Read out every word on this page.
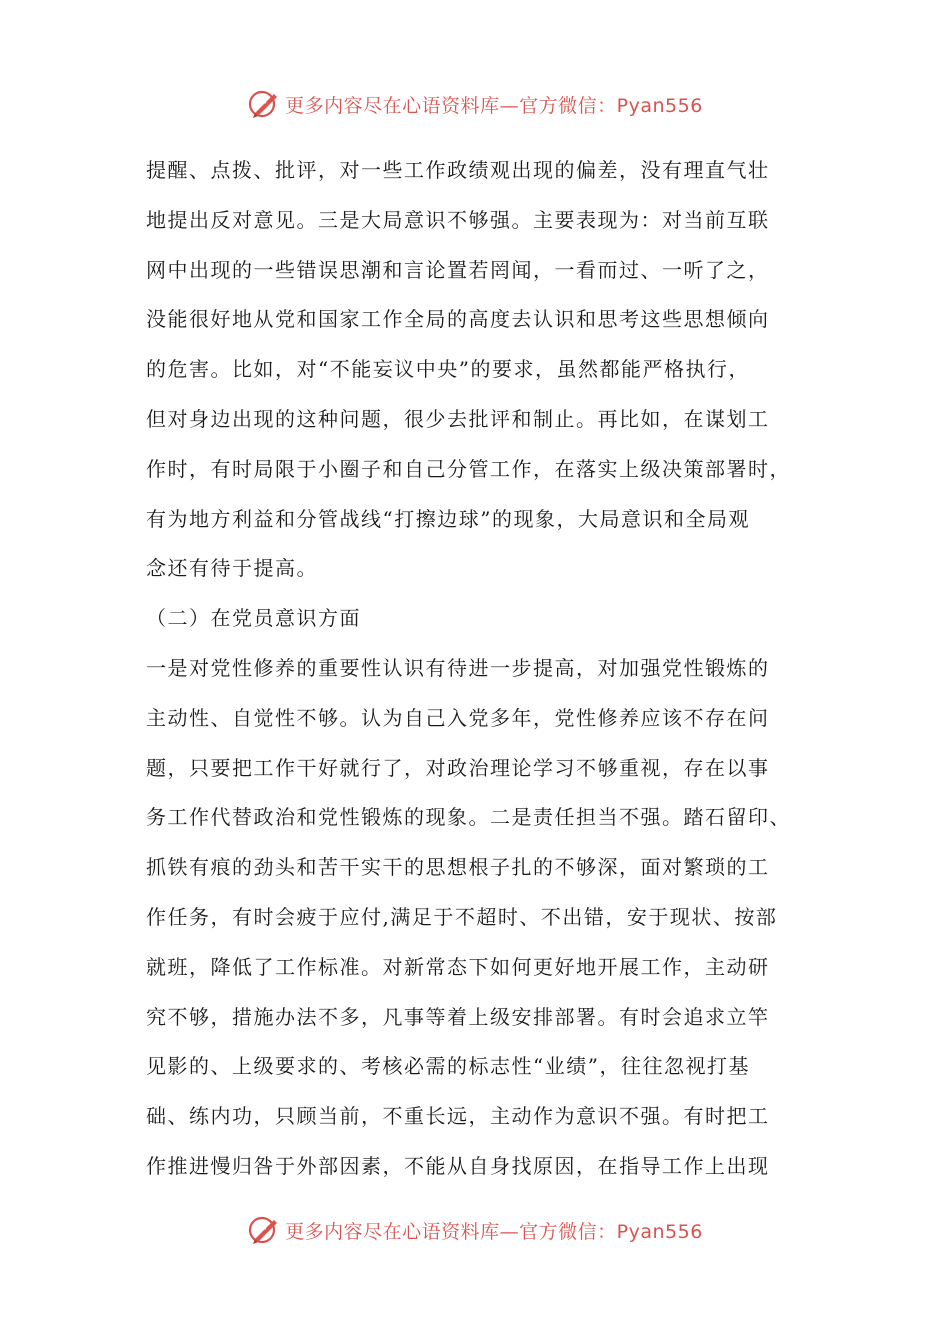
更多内容尽在心语资料库—官方微信：Pyan556
提醒、点拨、批评，对一些工作政绩观出现的偏差，没有理直气壮
地提出反对意见。三是大局意识不够强。主要表现为：对当前互联
网中出现的一些错误思潮和言论置若罔闻，一看而过、一听了之，
没能很好地从党和国家工作全局的高度去认识和思考这些思想倾向
的危害。比如，对“不能妄议中央”的要求，虽然都能严格执行，
但对身边出现的这种问题，很少去批评和制止。再比如，在谋划工
作时，有时局限于小圈子和自己分管工作，在落实上级决策部署时，
有为地方利益和分管战线“打擦边球”的现象，大局意识和全局观
念还有待于提高。
（二）在党员意识方面
一是对党性修养的重要性认识有待进一步提高，对加强党性锻炼的
主动性、自觉性不够。认为自己入党多年，党性修养应该不存在问
题，只要把工作干好就行了，对政治理论学习不够重视，存在以事
务工作代替政治和党性锻炼的现象。二是责任担当不强。踏石留印、
抓铁有痕的劲头和苦干实干的思想根子扎的不够深，面对繁琐的工
作任务，有时会疲于应付,满足于不超时、不出错，安于现状、按部
就班，降低了工作标准。对新常态下如何更好地开展工作，主动研
究不够，措施办法不多，凡事等着上级安排部署。有时会追求立竿
见影的、上级要求的、考核必需的标志性“业绩”，往往忽视打基
础、练内功，只顾当前，不重长远，主动作为意识不强。有时把工
作推进慢归咎于外部因素，不能从自身找原因，在指导工作上出现
更多内容尽在心语资料库—官方微信：Pyan556
